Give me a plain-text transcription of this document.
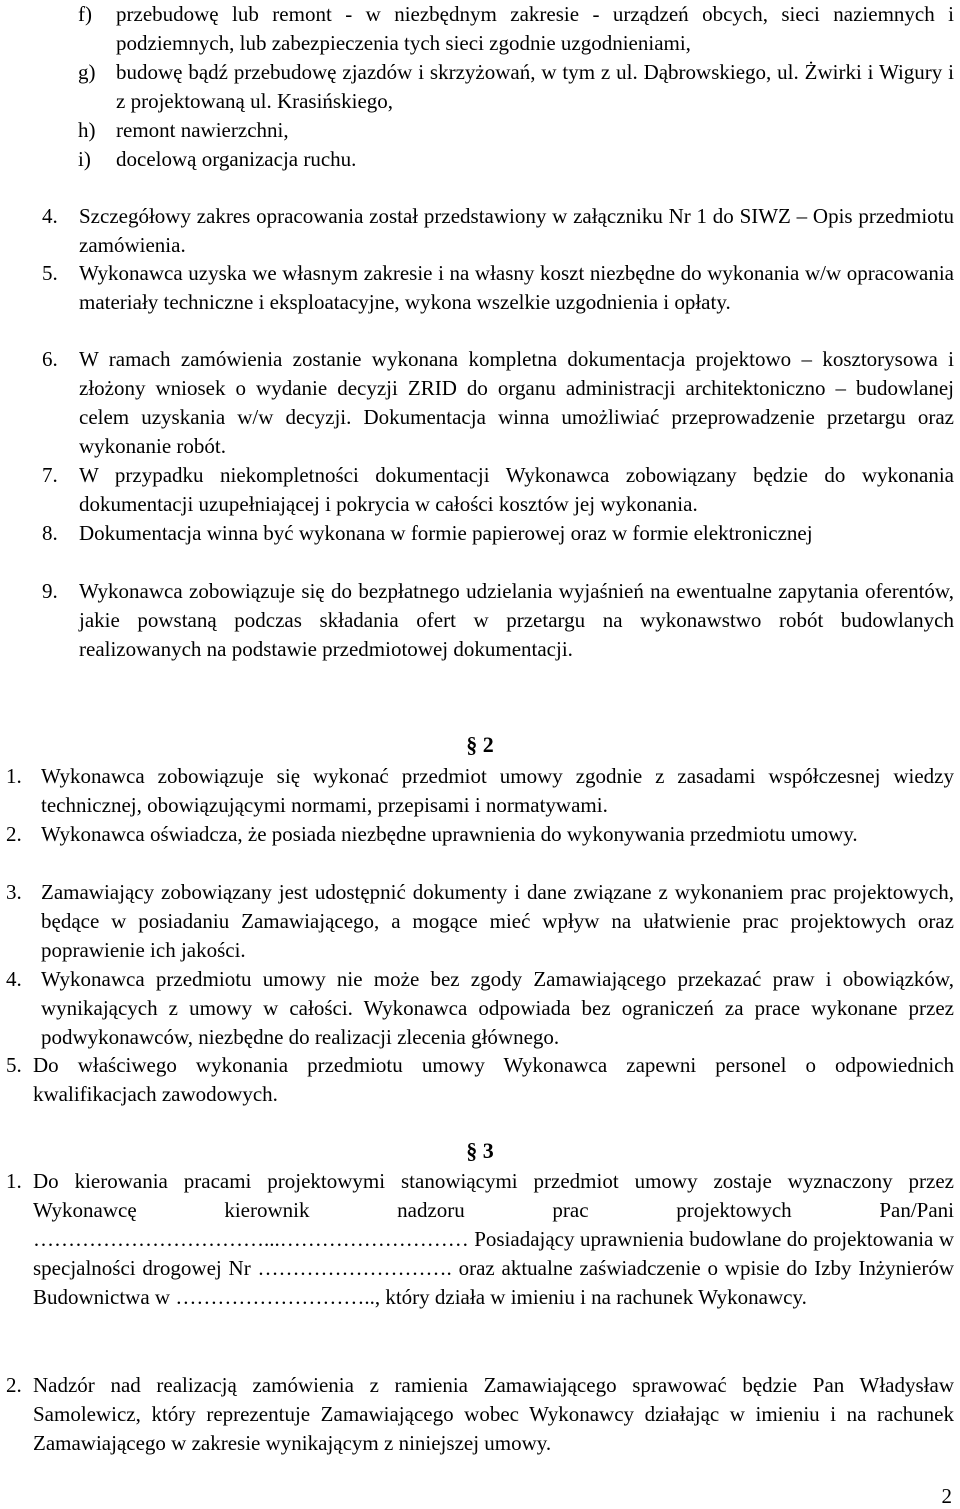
f) przebudowę lub remont - w niezbędnym zakresie - urządzeń obcych, sieci naziemnych i podziemnych, lub zabezpieczenia tych sieci zgodnie uzgodnieniami,
g) budowę bądź przebudowę zjazdów i skrzyżowań, w tym z ul. Dąbrowskiego, ul. Żwirki i Wigury i z projektowaną ul. Krasińskiego,
h) remont nawierzchni,
i) docelową organizacja ruchu.
4. Szczegółowy zakres opracowania został przedstawiony w załączniku Nr 1 do SIWZ – Opis przedmiotu zamówienia.
5. Wykonawca uzyska we własnym zakresie i na własny koszt niezbędne do wykonania w/w opracowania materiały techniczne i eksploatacyjne, wykona wszelkie uzgodnienia i opłaty.
6. W ramach zamówienia zostanie wykonana kompletna dokumentacja projektowo – kosztorysowa i złożony wniosek o wydanie decyzji ZRID do organu administracji architektoniczno – budowlanej celem uzyskania w/w decyzji. Dokumentacja winna umożliwiać przeprowadzenie przetargu oraz wykonanie robót.
7. W przypadku niekompletności dokumentacji Wykonawca zobowiązany będzie do wykonania dokumentacji uzupełniającej i pokrycia w całości kosztów jej wykonania.
8. Dokumentacja winna być wykonana w formie papierowej oraz w formie elektronicznej
9. Wykonawca zobowiązuje się do bezpłatnego udzielania wyjaśnień na ewentualne zapytania oferentów, jakie powstaną podczas składania ofert w przetargu na wykonawstwo robót budowlanych realizowanych na podstawie przedmiotowej dokumentacji.
§ 2
1. Wykonawca zobowiązuje się wykonać przedmiot umowy zgodnie z zasadami współczesnej wiedzy technicznej, obowiązującymi normami, przepisami i normatywami.
2. Wykonawca oświadcza, że posiada niezbędne uprawnienia do wykonywania przedmiotu umowy.
3. Zamawiający zobowiązany jest udostępnić dokumenty i dane związane z wykonaniem prac projektowych, będące w posiadaniu Zamawiającego, a mogące mieć wpływ na ułatwienie prac projektowych oraz poprawienie ich jakości.
4. Wykonawca przedmiotu umowy nie może bez zgody Zamawiającego przekazać praw i obowiązków, wynikających z umowy w całości. Wykonawca odpowiada bez ograniczeń za prace wykonane przez podwykonawców, niezbędne do realizacji zlecenia głównego.
5. Do właściwego wykonania przedmiotu umowy Wykonawca zapewni personel o odpowiednich kwalifikacjach zawodowych.
§ 3
1. Do kierowania pracami projektowymi stanowiącymi przedmiot umowy zostaje wyznaczony przez Wykonawcę kierownik nadzoru prac projektowych Pan/Pani ……………………………...……………………… Posiadający uprawnienia budowlane do projektowania w specjalności drogowej Nr ………………………. oraz aktualne zaświadczenie o wpisie do Izby Inżynierów Budownictwa w ……………………….., który działa w imieniu i na rachunek Wykonawcy.
2. Nadzór nad realizacją zamówienia z ramienia Zamawiającego sprawować będzie Pan Władysław Samolewicz, który reprezentuje Zamawiającego wobec Wykonawcy działając w imieniu i na rachunek Zamawiającego w zakresie wynikającym z niniejszej umowy.
2
